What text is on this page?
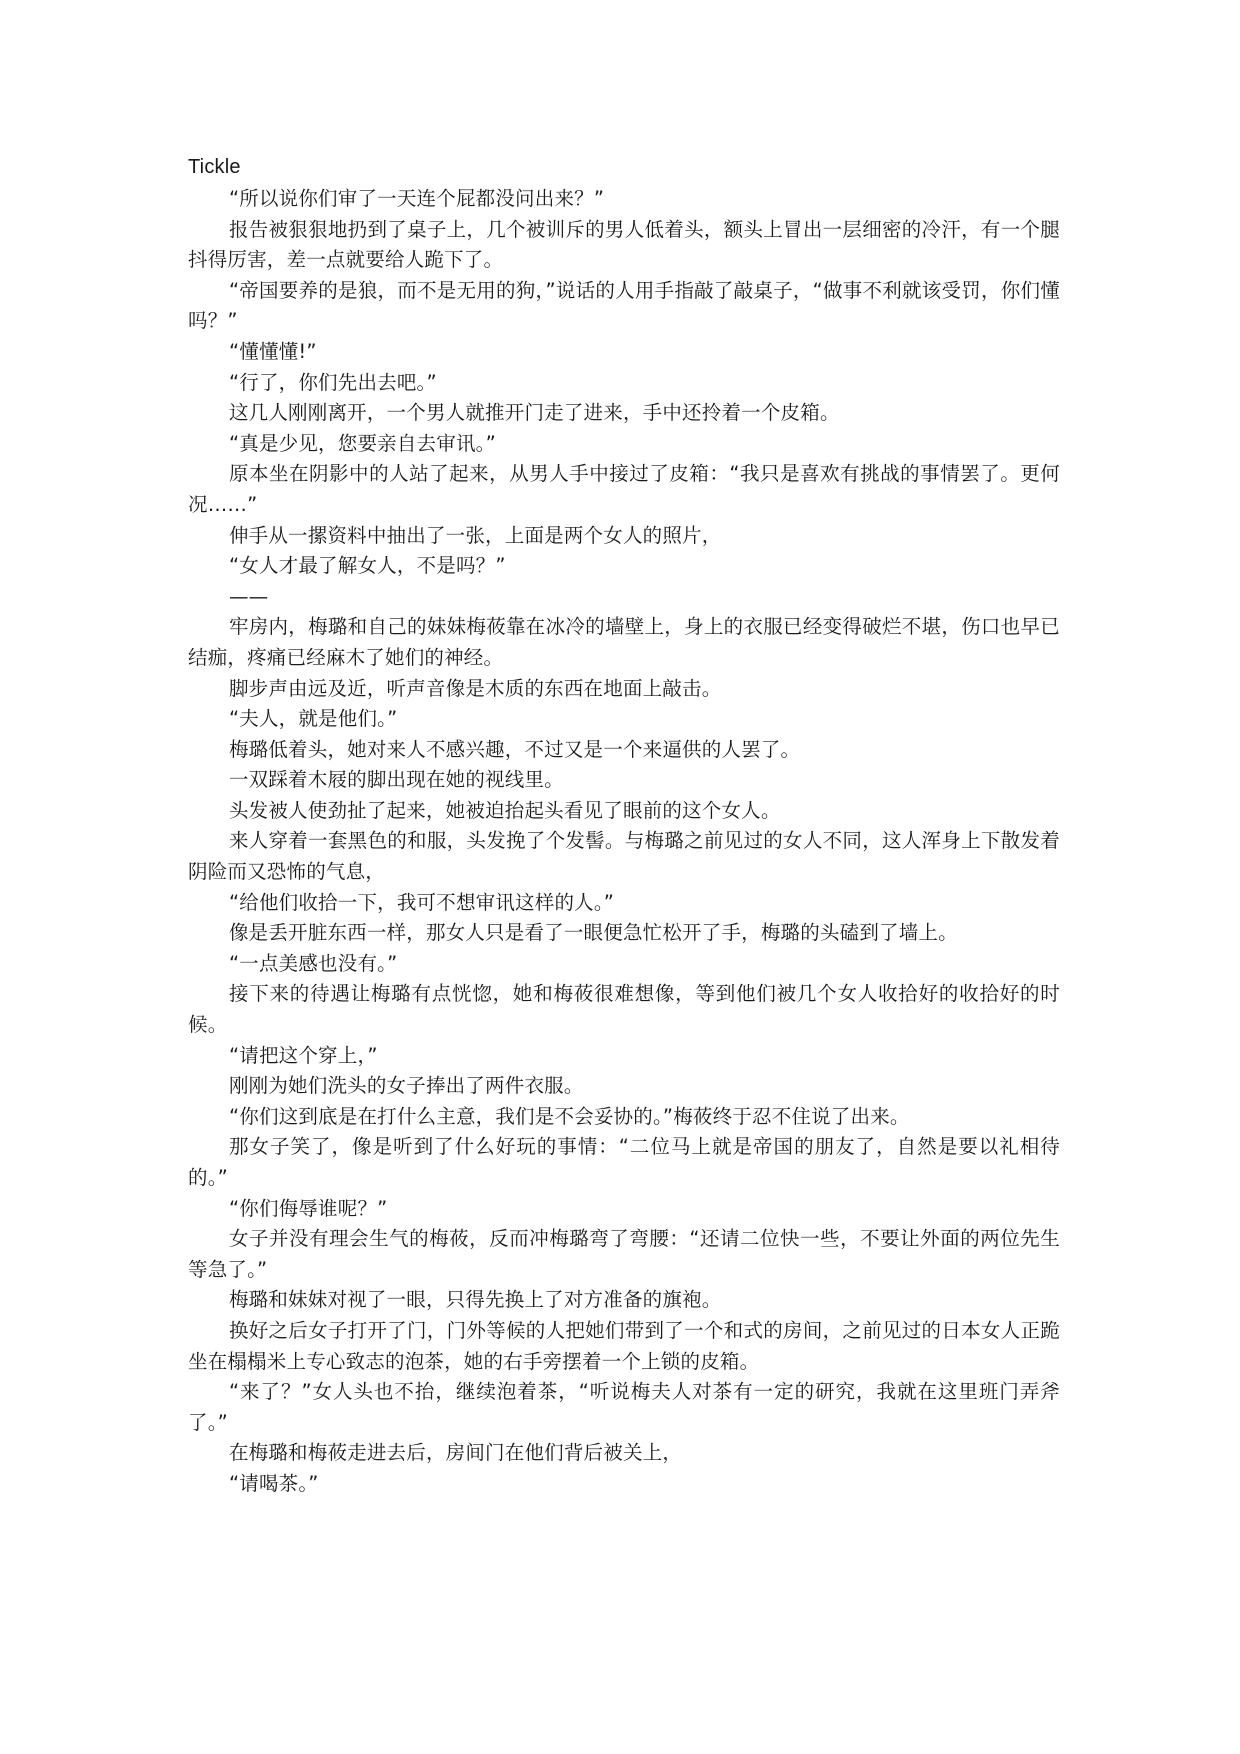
Tickle

“所以说你们审了一天连个屁都没问出来？”

报告被狠狠地扔到了桌子上，几个被训斥的男人低着头，额头上冒出一层细密的冷汗，有一个腿抖得厉害，差一点就要给人跪下了。

“帝国要养的是狼，而不是无用的狗，”说话的人用手指敲了敲桌子，“做事不利就该受罚，你们懂吗？”

“懂懂懂!”

“行了，你们先出去吧。”

这几人刚刚离开，一个男人就推开门走了进来，手中还拎着一个皮箱。

“真是少见，您要亲自去审讯。”

原本坐在阴影中的人站了起来，从男人手中接过了皮箱：“我只是喜欢有挑战的事情罢了。更何况……”

伸手从一摞资料中抽出了一张，上面是两个女人的照片，

“女人才最了解女人，不是吗？”

——

牢房内，梅璐和自己的妹妹梅莜靠在冰冷的墙壁上，身上的衣服已经变得破烂不堪，伤口也早已结痂，疼痛已经麻木了她们的神经。

脚步声由远及近，听声音像是木质的东西在地面上敲击。

“夫人，就是他们。”

梅璐低着头，她对来人不感兴趣，不过又是一个来逼供的人罢了。

一双踩着木屐的脚出现在她的视线里。

头发被人使劲扯了起来，她被迫抬起头看见了眼前的这个女人。

来人穿着一套黑色的和服，头发挽了个发髻。与梅璐之前见过的女人不同，这人浑身上下散发着阴险而又恐怖的气息，

“给他们收拾一下，我可不想审讯这样的人。”

像是丢开脏东西一样，那女人只是看了一眼便急忙松开了手，梅璐的头磕到了墙上。

“一点美感也没有。”

接下来的待遇让梅璐有点恍惚，她和梅莜很难想像，等到他们被几个女人收拾好的收拾好的时候。

“请把这个穿上，”

刚刚为她们洗头的女子捧出了两件衣服。

“你们这到底是在打什么主意，我们是不会妥协的。”梅莜终于忍不住说了出来。

那女子笑了，像是听到了什么好玩的事情：“二位马上就是帝国的朋友了，自然是要以礼相待的。”

“你们侮辱谁呢？”

女子并没有理会生气的梅莜，反而冲梅璐弯了弯腰：“还请二位快一些，不要让外面的两位先生等急了。”

梅璐和妹妹对视了一眼，只得先换上了对方准备的旗袍。

换好之后女子打开了门，门外等候的人把她们带到了一个和式的房间，之前见过的日本女人正跪坐在榻榻米上专心致志的泡茶，她的右手旁摆着一个上锁的皮箱。

“来了？”女人头也不抬，继续泡着茶，“听说梅夫人对茶有一定的研究，我就在这里班门弄斧了。”

在梅璐和梅莜走进去后，房间门在他们背后被关上，

“请喝茶。”
